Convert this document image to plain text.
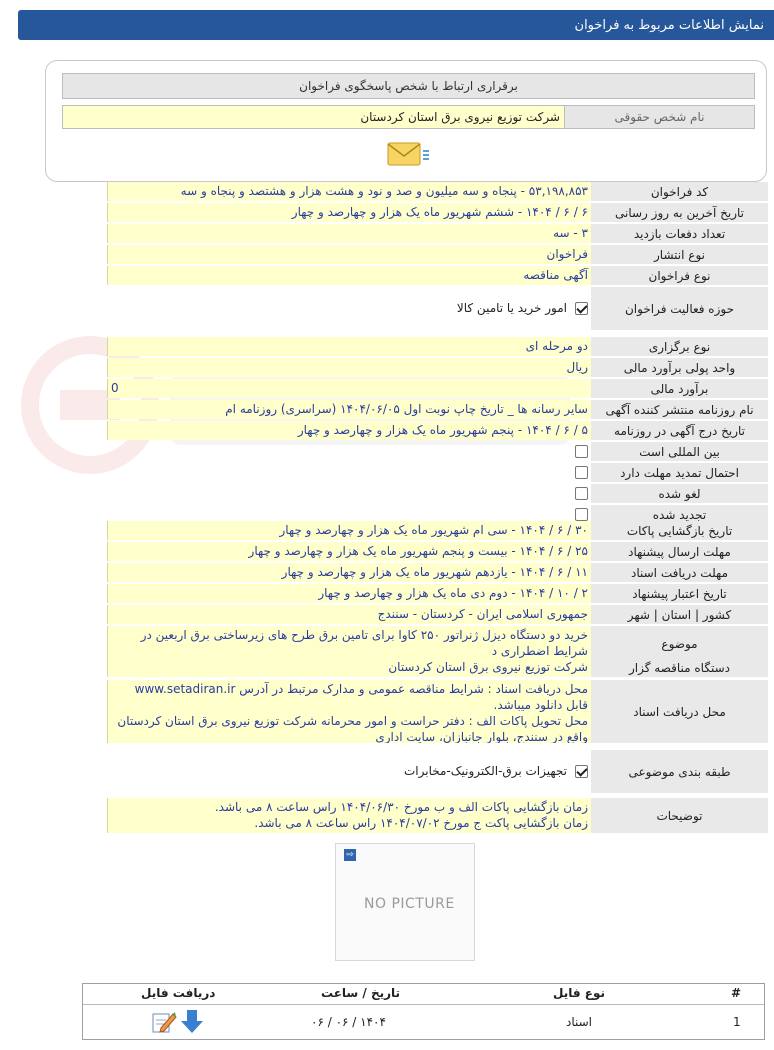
نمایش اطلاعات مربوط به فراخوان
برقراری ارتباط با شخص پاسخگوی فراخوان
نام شخص حقوقی
شرکت توزیع نیروی برق استان کردستان
کد فراخوان
۵۳,۱۹۸,۸۵۳ - پنجاه و سه میلیون و صد و نود و هشت هزار و هشتصد و پنجاه و سه
تاریخ آخرین به روز رسانی
۶ / ۶ / ۱۴۰۴ - ششم شهریور ماه یک هزار و چهارصد و چهار
تعداد دفعات بازدید
۳ - سه
نوع انتشار
فراخوان
نوع فراخوان
آگهی مناقصه
حوزه فعالیت فراخوان
امور خرید یا تامین کالا
نوع برگزاری
دو مرحله ای
واحد پولی برآورد مالی
ریال
برآورد مالی
0
نام روزنامه منتشر کننده آگهی
سایر رسانه ها _ تاریخ چاپ نوبت اول ۱۴۰۴/۰۶/۰۵ (سراسری) روزنامه ام
تاریخ درج آگهی در روزنامه
۵ / ۶ / ۱۴۰۴ - پنجم شهریور ماه یک هزار و چهارصد و چهار
بین المللی است
احتمال تمدید مهلت دارد
لغو شده
تجدید شده
تاریخ بازگشایی پاکات
۳۰ / ۶ / ۱۴۰۴ - سی ام شهریور ماه یک هزار و چهارصد و چهار
مهلت ارسال پیشنهاد
۲۵ / ۶ / ۱۴۰۴ - بیست و پنجم شهریور ماه یک هزار و چهارصد و چهار
مهلت دریافت اسناد
۱۱ / ۶ / ۱۴۰۴ - یازدهم شهریور ماه یک هزار و چهارصد و چهار
تاریخ اعتبار پیشنهاد
۲ / ۱۰ / ۱۴۰۴ - دوم دی ماه یک هزار و چهارصد و چهار
کشور | استان | شهر
جمهوری اسلامی ایران - کردستان - سنندج
موضوع
خرید دو دستگاه دیزل ژنراتور ۲۵۰ کاوا برای تامین برق طرح های زیرساختی برق اربعین در شرایط اضطراری د
دستگاه مناقصه گزار
شرکت توزیع نیروی برق استان کردستان
محل دریافت اسناد
محل دریافت اسناد : شرایط مناقصه عمومی و مدارک مرتبط در آدرس www.setadiran.ir قابل دانلود میباشد.
محل تحویل پاکات الف : دفتر حراست و امور محرمانه شرکت توزیع نیروی برق استان کردستان واقع در سنندج، بلوار جانبازان، سایت اداری
طبقه بندی موضوعی
تجهیزات برق-الکترونیک-مخابرات
توضیحات
زمان بازگشایی پاکات الف و ب مورخ ۱۴۰۴/۰۶/۳۰ راس ساعت ۸ می باشد.
زمان بازگشایی پاکت ج مورخ ۱۴۰۴/۰۷/۰۲ راس ساعت ۸ می باشد.
⇨
NO PICTURE
#
نوع فایل
تاریخ / ساعت
دریافت فایل
1
اسناد
۰۶ / ۰۶ / ۱۴۰۴
